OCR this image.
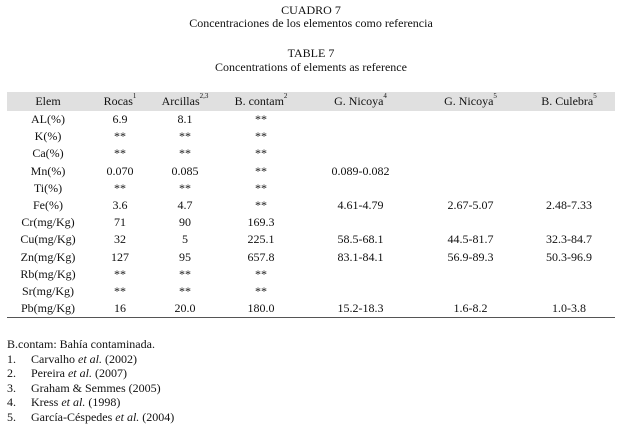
CUADRO 7
Concentraciones de los elementos como referencia
TABLE 7
Concentrations of elements as reference
Elem	Rocas$^1$	Arcillas$^{2,3}$	B. contam$^2$	G. Nicoya$^4$	G. Nicoya$^5$	B. Culebra$^5$
AL(%)	6.9	8.1	**			
K(%)	**	**	**			
Ca(%)	**	**	**			
Mn(%)	0.070	0.085	**	0.089-0.082		
Ti(%)	**	**	**			
Fe(%)	3.6	4.7	**	4.61-4.79	2.67-5.07	2.48-7.33
Cr(mg/Kg)	71	90	169.3			
Cu(mg/Kg)	32	5	225.1	58.5-68.1	44.5-81.7	32.3-84.7
Zn(mg/Kg)	127	95	657.8	83.1-84.1	56.9-89.3	50.3-96.9
Rb(mg/Kg)	**	**	**			
Sr(mg/Kg)	**	**	**			
Pb(mg/Kg)	16	20.0	180.0	15.2-18.3	1.6-8.2	1.0-3.8
B.contam: Bahía contaminada.
1. Carvalho et al. (2002)
2. Pereira et al. (2007)
3. Graham & Semmes (2005)
4. Kress et al. (1998)
5. García-Céspedes et al. (2004)
